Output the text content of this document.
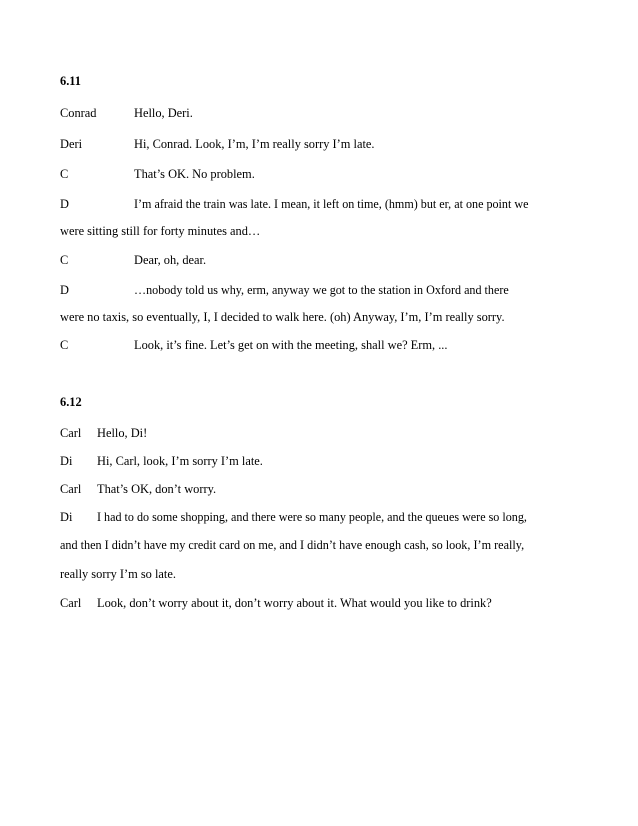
6.11
Conrad	Hello, Deri.
Deri	Hi, Conrad. Look, I’m, I’m really sorry I’m late.
C	That’s OK. No problem.
D	I’m afraid the train was late. I mean, it left on time, (hmm) but er, at one point we
were sitting still for forty minutes and…
C	Dear, oh, dear.
D	…nobody told us why, erm, anyway we got to the station in Oxford and there
were no taxis, so eventually, I, I decided to walk here. (oh) Anyway, I’m, I’m really sorry.
C	Look, it’s fine. Let’s get on with the meeting, shall we? Erm, ...
6.12
Carl Hello, Di!
Di Hi, Carl, look, I’m sorry I’m late.
Carl That’s OK, don’t worry.
Di I had to do some shopping, and there were so many people, and the queues were so long,
and then I didn’t have my credit card on me, and I didn’t have enough cash, so look, I’m really,
really sorry I’m so late.
Carl Look, don’t worry about it, don’t worry about it. What would you like to drink?
